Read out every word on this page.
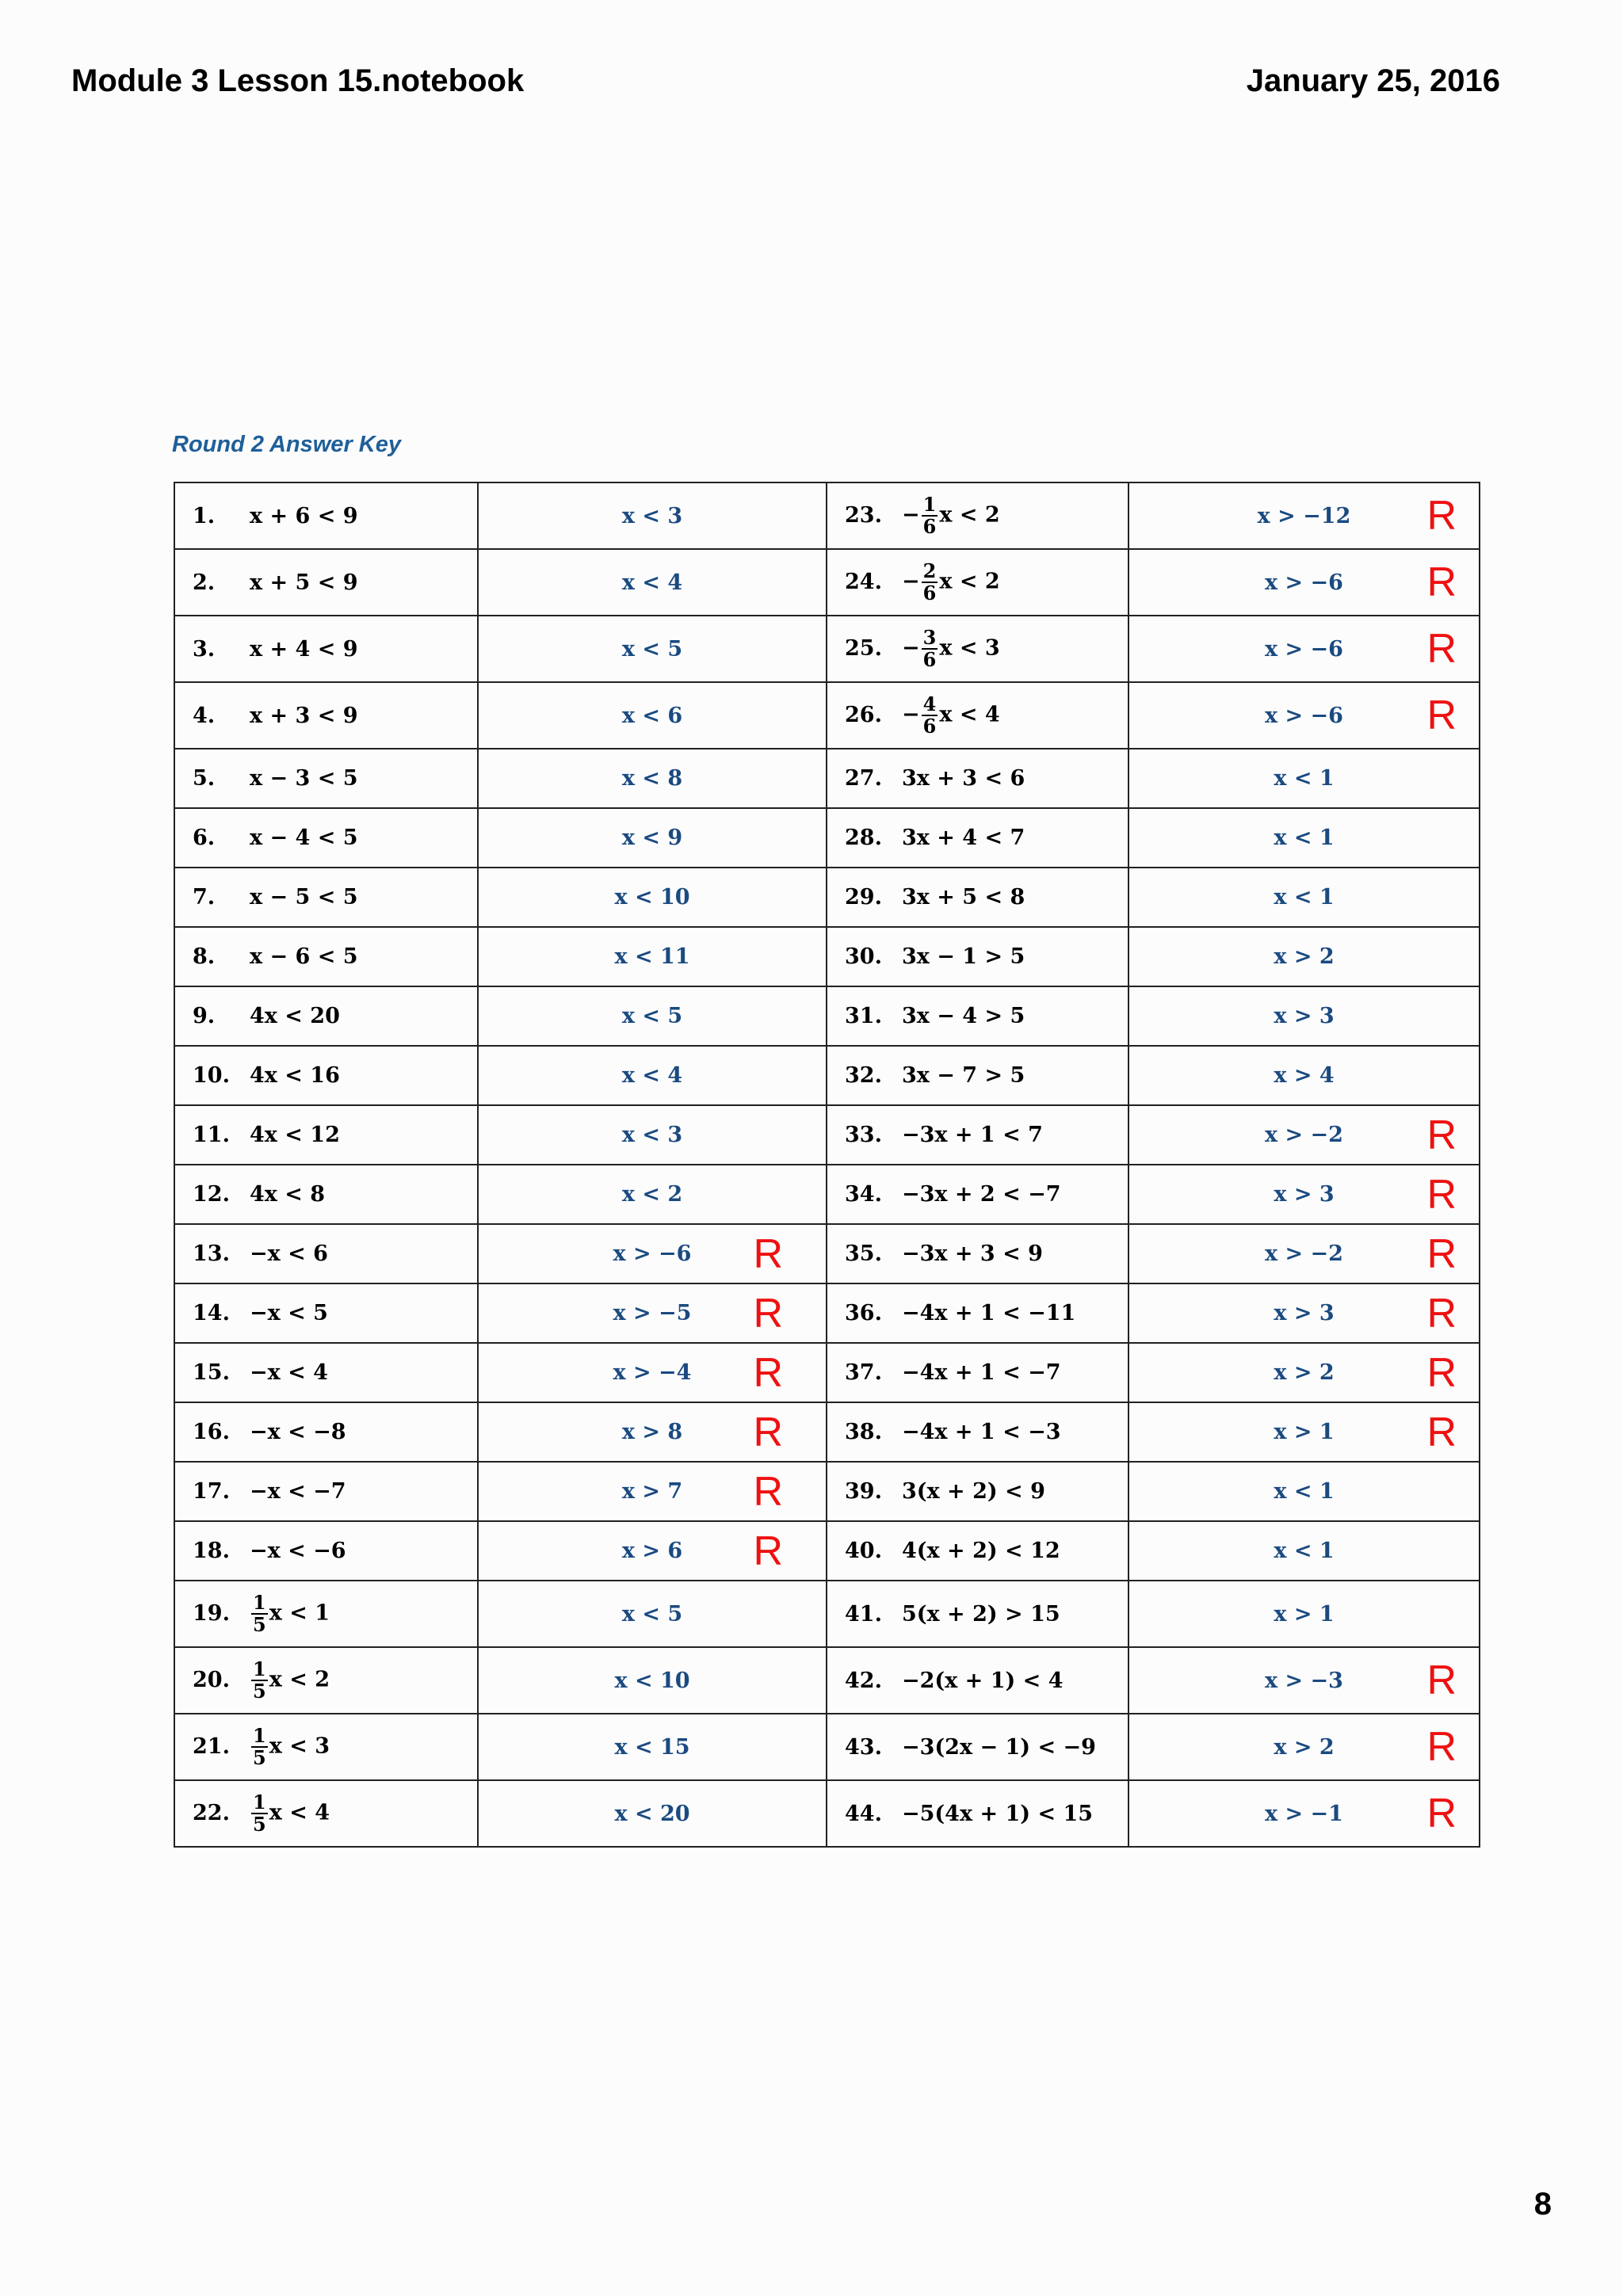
Module 3 Lesson 15.notebook	January 25, 2016
Round 2 Answer Key
1. x + 6 < 9	x < 3	23. − $\frac{1}{6}$ x < 2	x > −12 R

2. x + 5 < 9	x < 4	24. − $\frac{2}{6}$ x < 2	x > −6 R

3. x + 4 < 9	x < 5	25. − $\frac{3}{6}$ x < 3	x > −6 R

4. x + 3 < 9	x < 6	26. − $\frac{4}{6}$ x < 4	x > −6 R

5. x − 3 < 5	x < 8	27. 3x + 3 < 6	x < 1
6. x − 4 < 5	x < 9	28. 3x + 4 < 7	x < 1
7. x − 5 < 5	x < 10	29. 3x + 5 < 8	x < 1
8. x − 6 < 5	x < 11	30. 3x − 1 > 5	x > 2
9. 4x < 20	x < 5	31. 3x − 4 > 5	x > 3
10. 4x < 16	x < 4	32. 3x − 7 > 5	x > 4
11. 4x < 12	x < 3	33. −3x + 1 < 7	x > −2 R

12. 4x < 8	x < 2	34. −3x + 2 < −7	x > 3 R

13. −x < 6	x > −6 R	35. −3x + 3 < 9	x > −2 R

14. −x < 5	x > −5 R	36. −4x + 1 < −11	x > 3 R

15. −x < 4	x > −4 R	37. −4x + 1 < −7	x > 2 R

16. −x < −8	x > 8 R	38. −4x + 1 < −3	x > 1 R

17. −x < −7	x > 7 R	39. 3(x + 2) < 9	x < 1
18. −x < −6	x > 6 R	40. 4(x + 2) < 12	x < 1
19. $\frac{1}{5}$ x < 1	x < 5	41. 5(x + 2) > 15	x > 1
20. $\frac{1}{5}$ x < 2	x < 10	42. −2(x + 1) < 4	x > −3 R

21. $\frac{1}{5}$ x < 3	x < 15	43. −3(2x − 1) < −9	x > 2 R

22. $\frac{1}{5}$ x < 4	x < 20	44. −5(4x + 1) < 15	x > −1 R
8
